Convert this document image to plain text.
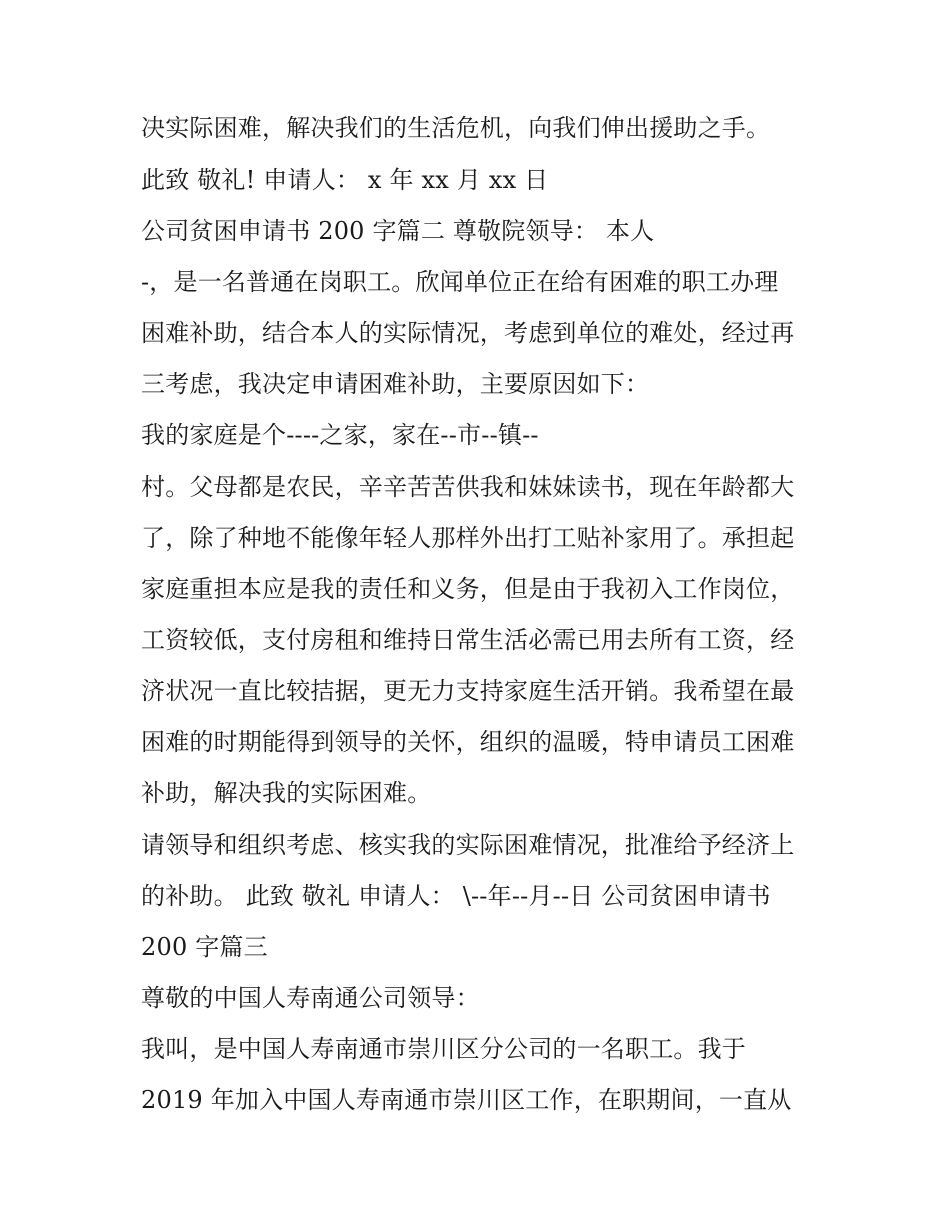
决实际困难，解决我们的生活危机，向我们伸出援助之手。
此致 敬礼! 申请人： x 年 xx 月 xx 日
公司贫困申请书 200 字篇二 尊敬院领导： 本人
-，是一名普通在岗职工。欣闻单位正在给有困难的职工办理
困难补助，结合本人的实际情况，考虑到单位的难处，经过再
三考虑，我决定申请困难补助，主要原因如下：
我的家庭是个----之家，家在--市--镇--
村。父母都是农民，辛辛苦苦供我和妹妹读书，现在年龄都大
了，除了种地不能像年轻人那样外出打工贴补家用了。承担起
家庭重担本应是我的责任和义务，但是由于我初入工作岗位，
工资较低，支付房租和维持日常生活必需已用去所有工资，经
济状况一直比较拮据，更无力支持家庭生活开销。我希望在最
困难的时期能得到领导的关怀，组织的温暖，特申请员工困难
补助，解决我的实际困难。
请领导和组织考虑、核实我的实际困难情况，批准给予经济上
的补助。 此致 敬礼 申请人： \--年--月--日 公司贫困申请书
200 字篇三
尊敬的中国人寿南通公司领导：
我叫，是中国人寿南通市崇川区分公司的一名职工。我于
2019 年加入中国人寿南通市崇川区工作，在职期间，一直从
